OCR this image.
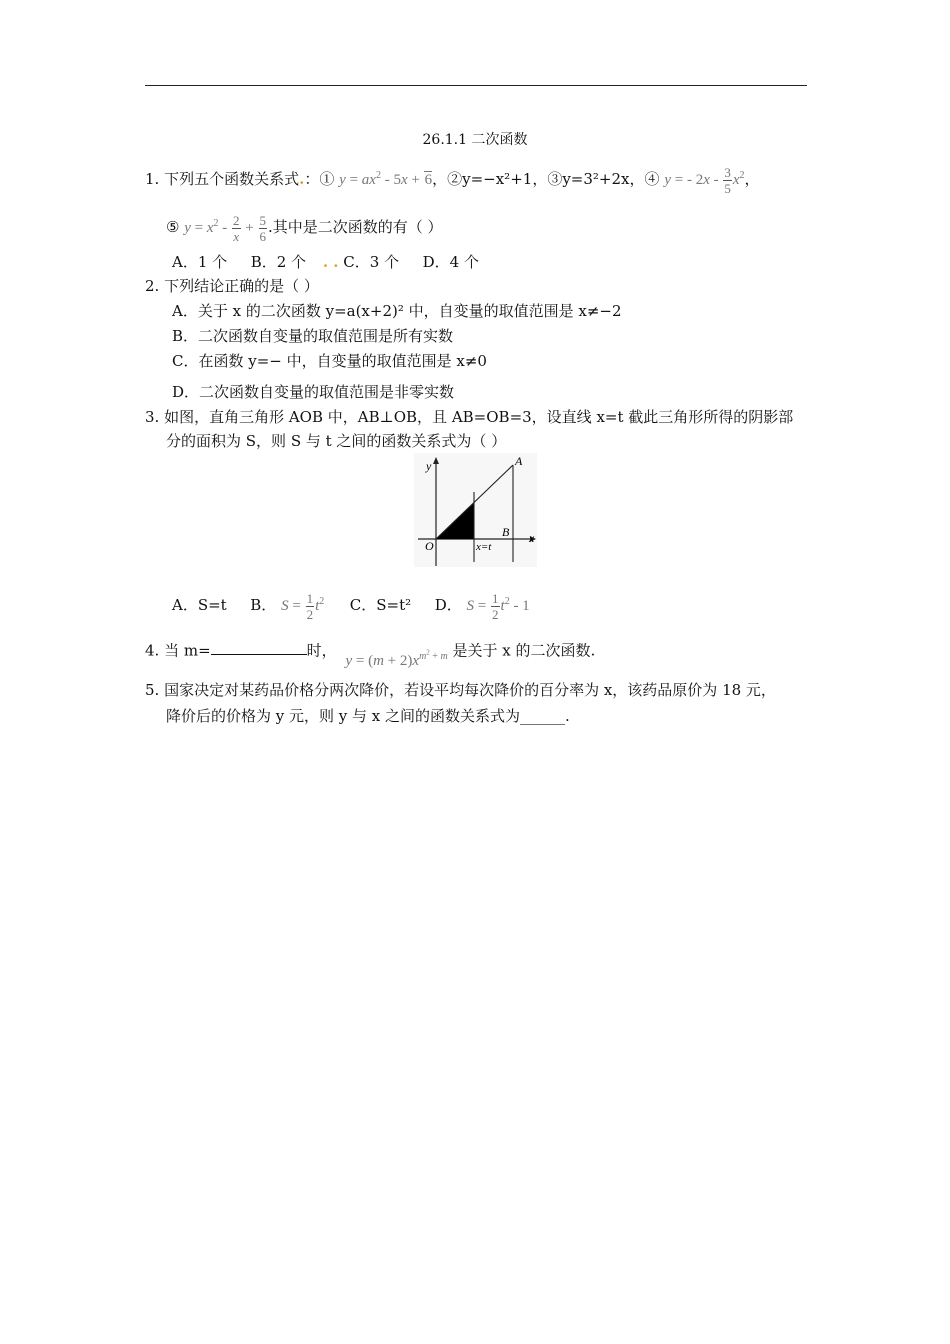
26.1.1 二次函数
1. 下列五个函数关系式.：① $y = ax^2 - 5x + 6$，②y=−x²+1，③y=3²+2x，④ y = - $2x - \frac{3}{5} x^2$，
⑤ $y = x^2 - \frac{2}{x} + \frac{5}{6}$ .其中是二次函数的有（ ）
A．1 个 B．2 个 . . C．3 个 D．4 个
2. 下列结论正确的是（ ）
A．关于 x 的二次函数 y=a(x+2)² 中，自变量的取值范围是 x≠−2
B．二次函数自变量的取值范围是所有实数
C．在函数 y=− 中，自变量的取值范围是 x≠0
D．二次函数自变量的取值范围是非零实数
3. 如图，直角三角形 AOB 中，AB⊥OB，且 AB=OB=3，设直线 x=t 截此三角形所得的阴影部
分的面积为 S，则 S 与 t 之间的函数关系式为（ ）
y	A
O	x=t
B x
A．S=t B． $S = \frac{1}{2} t^2$ C．S=t² D． $S = \frac{1}{2} t^2 - 1$
4. 当 m=	时， $y = (m + 2)x^{m^2 + m}$ 是关于 x 的二次函数.
5. 国家决定对某药品价格分两次降价，若设平均每次降价的百分率为 x，该药品原价为 18 元，
降价后的价格为 y 元，则 y 与 x 之间的函数关系式为______.
